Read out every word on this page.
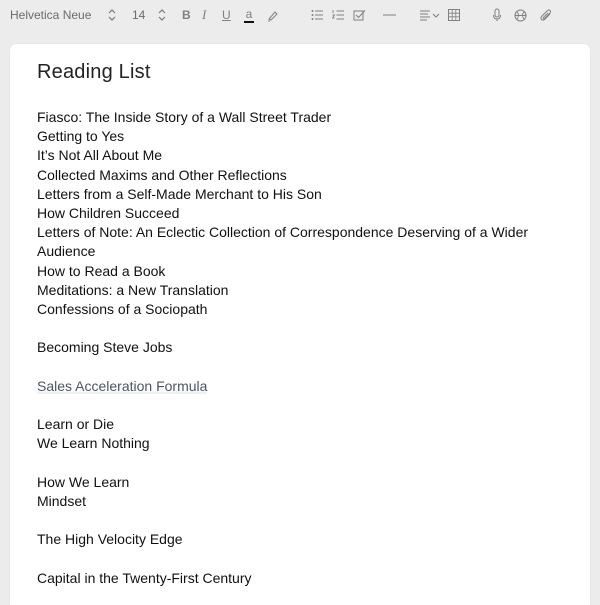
Helvetica Neue	14	B I U a
Reading List
Fiasco: The Inside Story of a Wall Street Trader
Getting to Yes
It’s Not All About Me
Collected Maxims and Other Reflections
Letters from a Self-Made Merchant to His Son
How Children Succeed
Letters of Note: An Eclectic Collection of Correspondence Deserving of a Wider Audience
How to Read a Book
Meditations: a New Translation
Confessions of a Sociopath
Becoming Steve Jobs
Sales Acceleration Formula
Learn or Die
We Learn Nothing
How We Learn
Mindset
The High Velocity Edge
Capital in the Twenty-First Century
